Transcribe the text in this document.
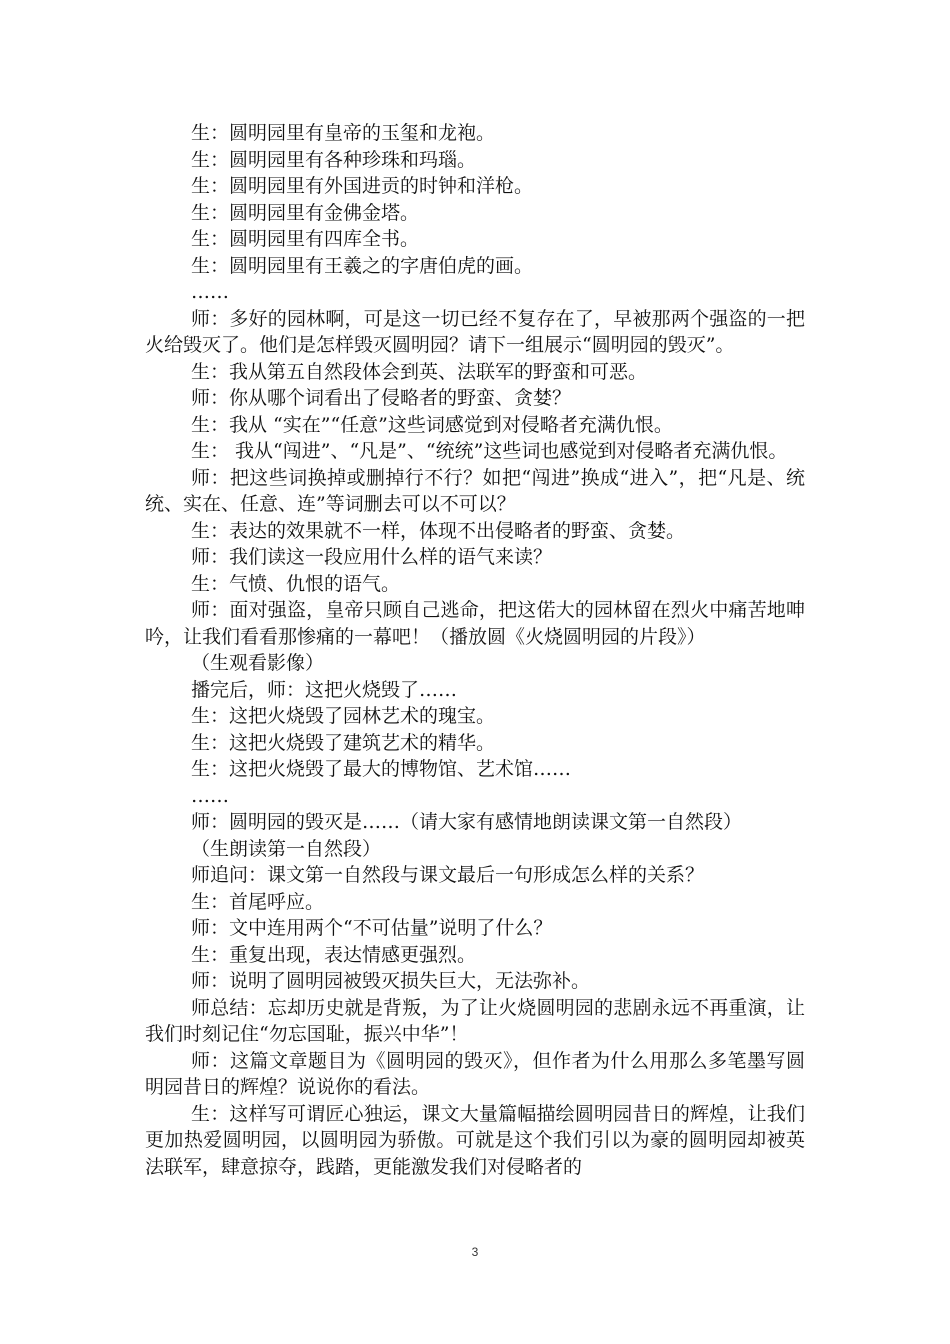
生：圆明园里有皇帝的玉玺和龙袍。

生：圆明园里有各种珍珠和玛瑙。

生：圆明园里有外国进贡的时钟和洋枪。

生：圆明园里有金佛金塔。

生：圆明园里有四库全书。

生：圆明园里有王羲之的字唐伯虎的画。

……

师：多好的园林啊，可是这一切已经不复存在了，早被那两个强盗的一把火给毁灭了。他们是怎样毁灭圆明园？请下一组展示“圆明园的毁灭”。

生：我从第五自然段体会到英、法联军的野蛮和可恶。

师：你从哪个词看出了侵略者的野蛮、贪婪？

生：我从 “实在”“任意”这些词感觉到对侵略者充满仇恨。

生： 我从“闯进”、“凡是”、“统统”这些词也感觉到对侵略者充满仇恨。

师：把这些词换掉或删掉行不行？如把“闯进”换成“进入”，把“凡是、统统、实在、任意、连”等词删去可以不可以？

生：表达的效果就不一样，体现不出侵略者的野蛮、贪婪。

师：我们读这一段应用什么样的语气来读？

生：气愤、仇恨的语气。

师：面对强盗，皇帝只顾自己逃命，把这偌大的园林留在烈火中痛苦地呻吟，让我们看看那惨痛的一幕吧！（播放圆《火烧圆明园的片段》）

（生观看影像）

播完后，师：这把火烧毁了……

生：这把火烧毁了园林艺术的瑰宝。

生：这把火烧毁了建筑艺术的精华。

生：这把火烧毁了最大的博物馆、艺术馆……

……

师：圆明园的毁灭是……（请大家有感情地朗读课文第一自然段）

（生朗读第一自然段）

师追问：课文第一自然段与课文最后一句形成怎么样的关系？

生：首尾呼应。

师：文中连用两个“不可估量”说明了什么？

生：重复出现，表达情感更强烈。

师：说明了圆明园被毁灭损失巨大，无法弥补。

师总结：忘却历史就是背叛，为了让火烧圆明园的悲剧永远不再重演，让我们时刻记住“勿忘国耻，振兴中华”！

师：这篇文章题目为《圆明园的毁灭》，但作者为什么用那么多笔墨写圆明园昔日的辉煌？说说你的看法。

生：这样写可谓匠心独运，课文大量篇幅描绘圆明园昔日的辉煌，让我们更加热爱圆明园，以圆明园为骄傲。可就是这个我们引以为豪的圆明园却被英法联军，肆意掠夺，践踏，更能激发我们对侵略者的

3
